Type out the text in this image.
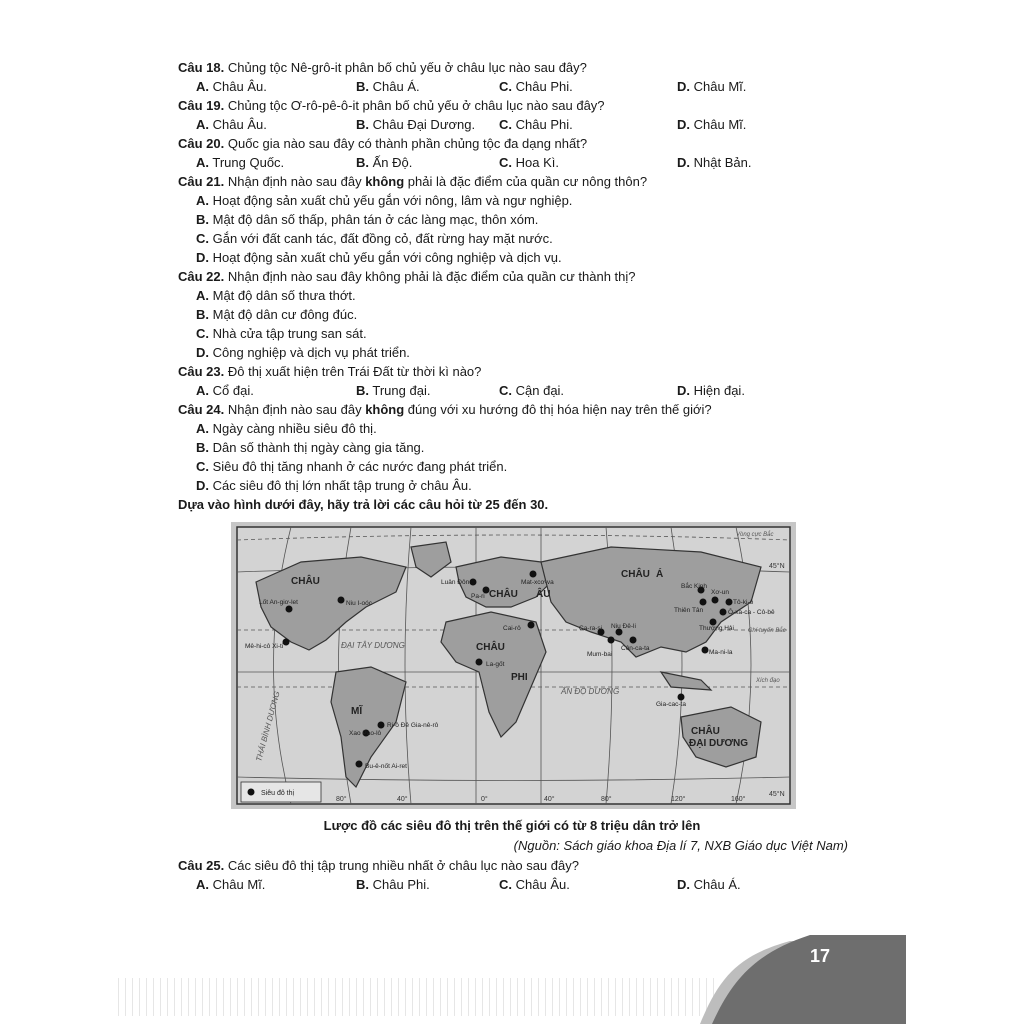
Câu 18. Chủng tộc Nê-grô-it phân bố chủ yếu ở châu lục nào sau đây?
A. Châu Âu.	B. Châu Á.	C. Châu Phi.	D. Châu Mĩ.
Câu 19. Chủng tộc Ơ-rô-pê-ô-it phân bố chủ yếu ở châu lục nào sau đây?
A. Châu Âu.	B. Châu Đại Dương. C. Châu Phi.	D. Châu Mĩ.
Câu 20. Quốc gia nào sau đây có thành phần chủng tộc đa dạng nhất?
A. Trung Quốc.	B. Ấn Độ.	C. Hoa Kì.	D. Nhật Bản.
Câu 21. Nhận định nào sau đây không phải là đặc điểm của quần cư nông thôn?
A. Hoạt động sản xuất chủ yếu gắn với nông, lâm và ngư nghiệp.
B. Mật độ dân số thấp, phân tán ở các làng mạc, thôn xóm.
C. Gắn với đất canh tác, đất đồng cỏ, đất rừng hay mặt nước.
D. Hoạt động sản xuất chủ yếu gắn với công nghiệp và dịch vụ.
Câu 22. Nhận định nào sau đây không phải là đặc điểm của quần cư thành thị?
A. Mật độ dân số thưa thớt.
B. Mật độ dân cư đông đúc.
C. Nhà cửa tập trung san sát.
D. Công nghiệp và dịch vụ phát triển.
Câu 23. Đô thị xuất hiện trên Trái Đất từ thời kì nào?
A. Cổ đại.	B. Trung đại.	C. Cận đại.	D. Hiện đại.
Câu 24. Nhận định nào sau đây không đúng với xu hướng đô thị hóa hiện nay trên thế giới?
A. Ngày càng nhiều siêu đô thị.
B. Dân số thành thị ngày càng gia tăng.
C. Siêu đô thị tăng nhanh ở các nước đang phát triển.
D. Các siêu đô thị lớn nhất tập trung ở châu Âu.
Dựa vào hình dưới đây, hãy trả lời các câu hỏi từ 25 đến 30.
CHÂU
CHÂU Á
CHÂU ÂU
CHÂU
PHI
MĨ
CHÂU
ĐẠI DƯƠNG
ĐẠI TÂY DƯƠNG
ẤN ĐỘ DƯƠNG
THÁI BÌNH DƯƠNG
Vòng cực Bắc
Chí tuyến Bắc
Xích đạo
45°N
45°N
80°	40°	0°	40°	80°	120°	160°
Lốt An-giơ-let	Niu I-oóc
Mê-hi-cô Xi-ti
Luân Đôn
Pa-ri
Mat-xcơ-va
Cai-rô
La-gốt
Ca-ra-si Niu Đê-li
Mum-bai
Côn-ca-ta
Bắc Kinh
Thiên Tân
Xơ-un
Tô-ki-ô
Ô-xa-ca - Cô-bê
Thượng Hải
Ma-ni-la
Gia-cac-ta
Ri-ô Đê Gia-nê-rô
Xao Pao-lô
Bu-ê-nốt Ai-ret
Siêu đô thị
Lược đồ các siêu đô thị trên thế giới có từ 8 triệu dân trở lên
(Nguồn: Sách giáo khoa Địa lí 7, NXB Giáo dục Việt Nam)
Câu 25. Các siêu đô thị tập trung nhiều nhất ở châu lục nào sau đây?
A. Châu Mĩ.	B. Châu Phi.	C. Châu Âu.	D. Châu Á.
17
